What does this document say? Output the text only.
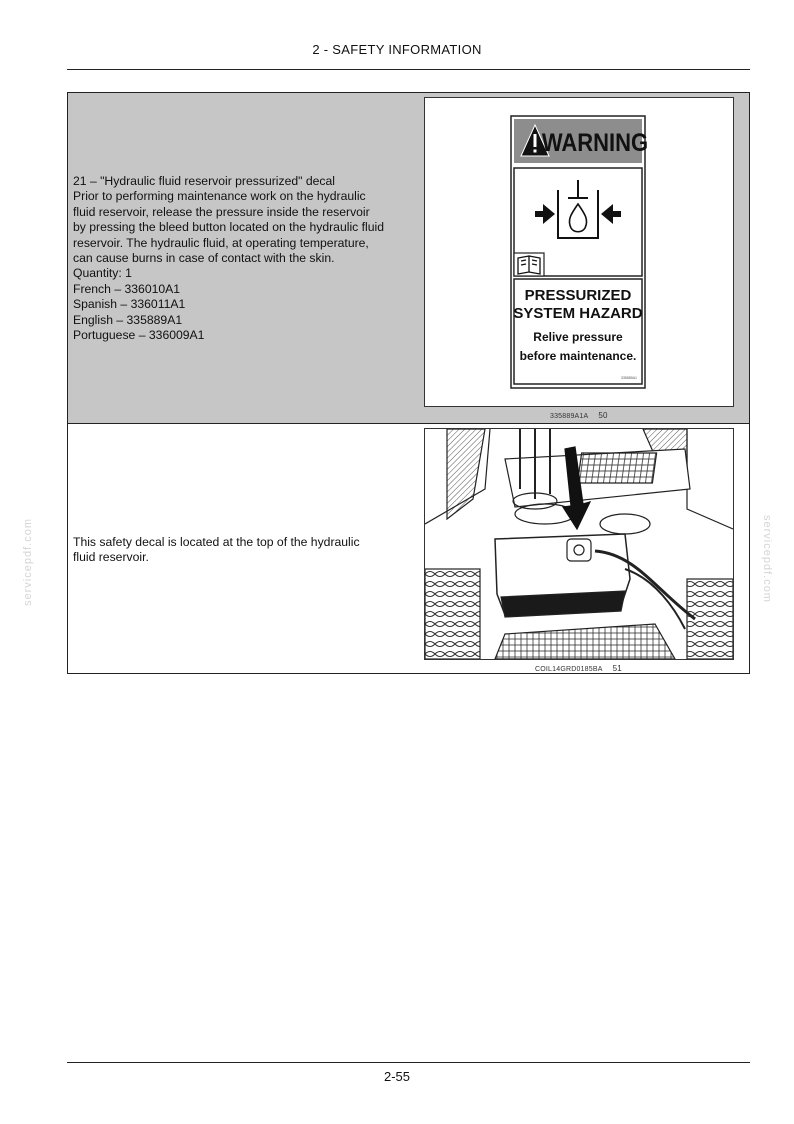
2 - SAFETY INFORMATION
servicepdf.com	servicepdf.com
21 – "Hydraulic fluid reservoir pressurized" decal
Prior to performing maintenance work on the hydraulic
fluid reservoir, release the pressure inside the reservoir
by pressing the bleed button located on the hydraulic fluid
reservoir. The hydraulic fluid, at operating temperature,
can cause burns in case of contact with the skin.
Quantity: 1
French – 336010A1
Spanish – 336011A1
English – 335889A1
Portuguese – 336009A1
WARNING
PRESSURIZED
SYSTEM HAZARD
Relive pressure
before maintenance.
335889A1
335889A1A 50
This safety decal is located at the top of the hydraulic
fluid reservoir.
COIL14GRD0185BA 51
2-55
